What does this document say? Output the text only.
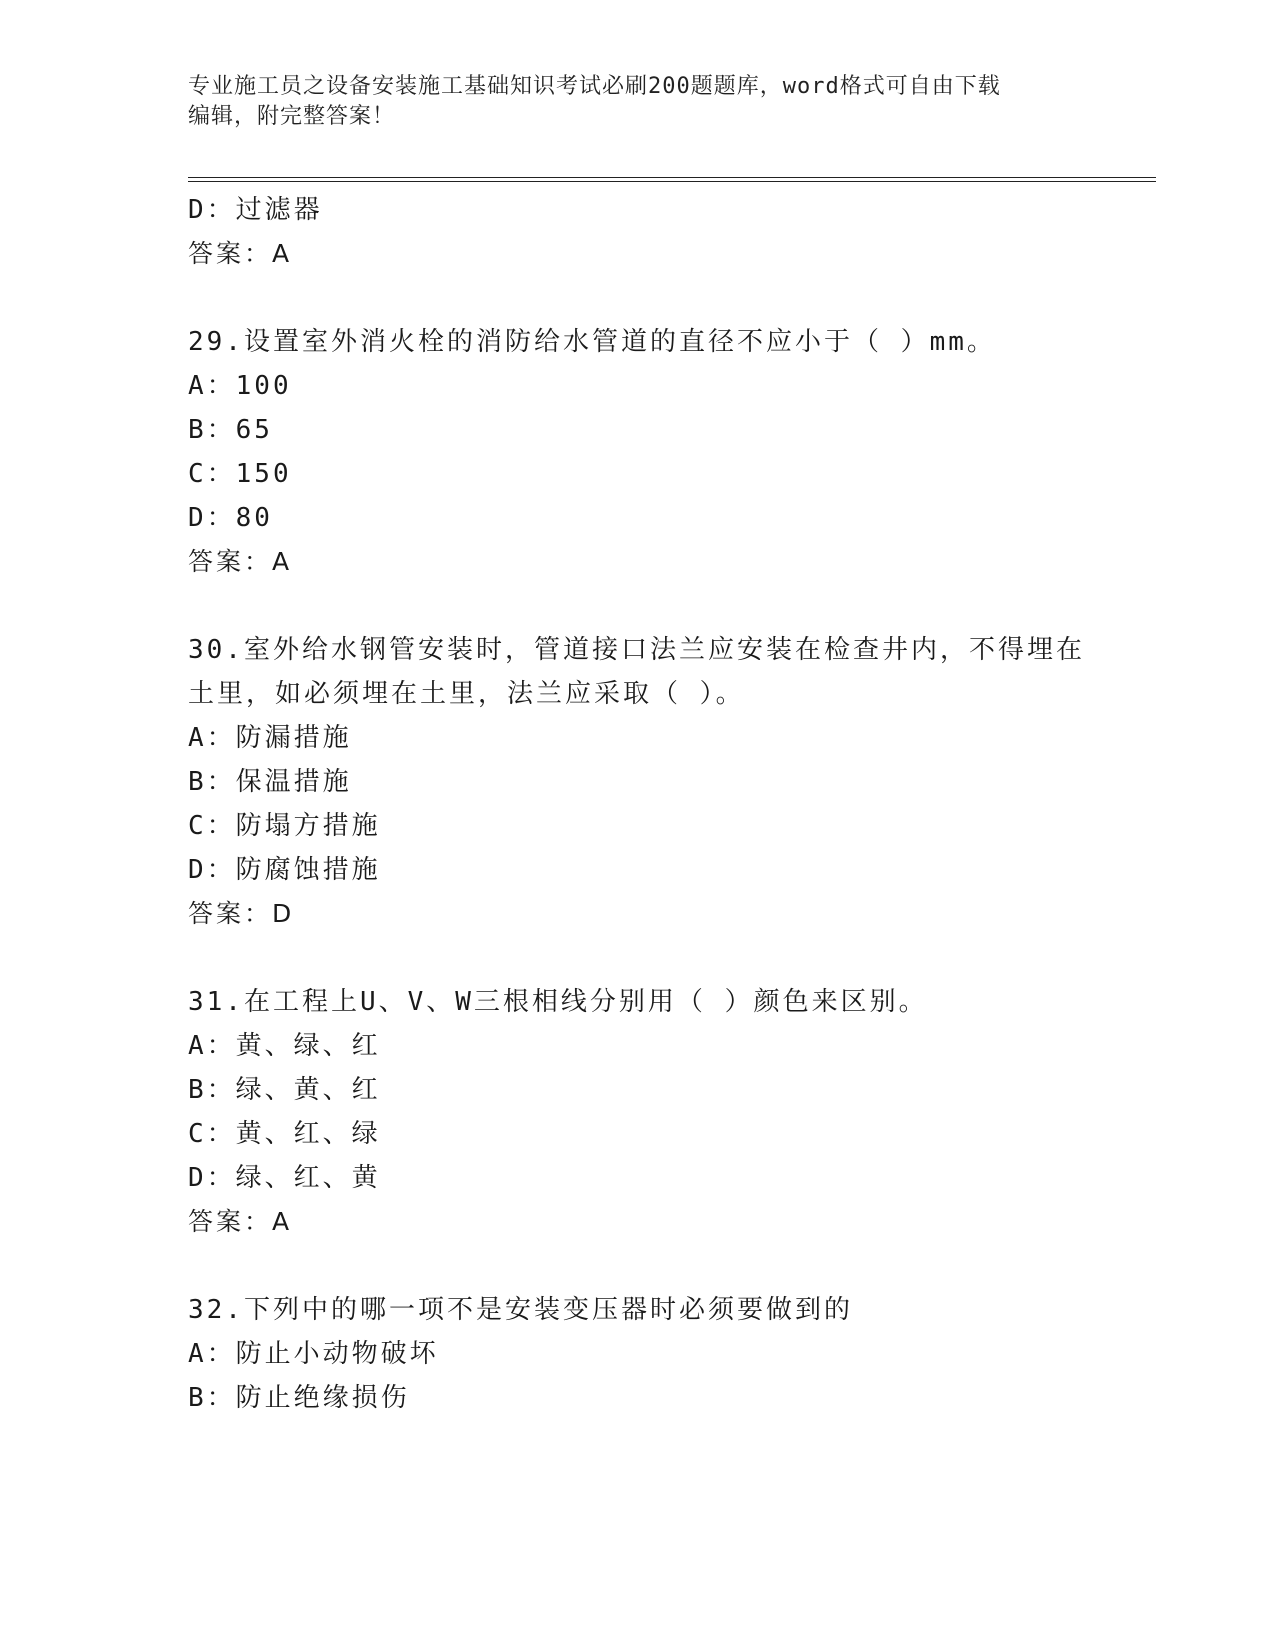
专业施工员之设备安装施工基础知识考试必刷200题题库，word格式可自由下载
编辑，附完整答案！
D：过滤器
答案：A
29.设置室外消火栓的消防给水管道的直径不应小于（ ）mm。
A：100
B：65
C：150
D：80
答案：A
30.室外给水钢管安装时，管道接口法兰应安装在检查井内，不得埋在
土里，如必须埋在土里，法兰应采取（ ）。
A：防漏措施
B：保温措施
C：防塌方措施
D：防腐蚀措施
答案：D
31.在工程上U、V、W三根相线分别用（ ）颜色来区别。
A：黄、绿、红
B：绿、黄、红
C：黄、红、绿
D：绿、红、黄
答案：A
32.下列中的哪一项不是安装变压器时必须要做到的
A：防止小动物破坏
B：防止绝缘损伤
